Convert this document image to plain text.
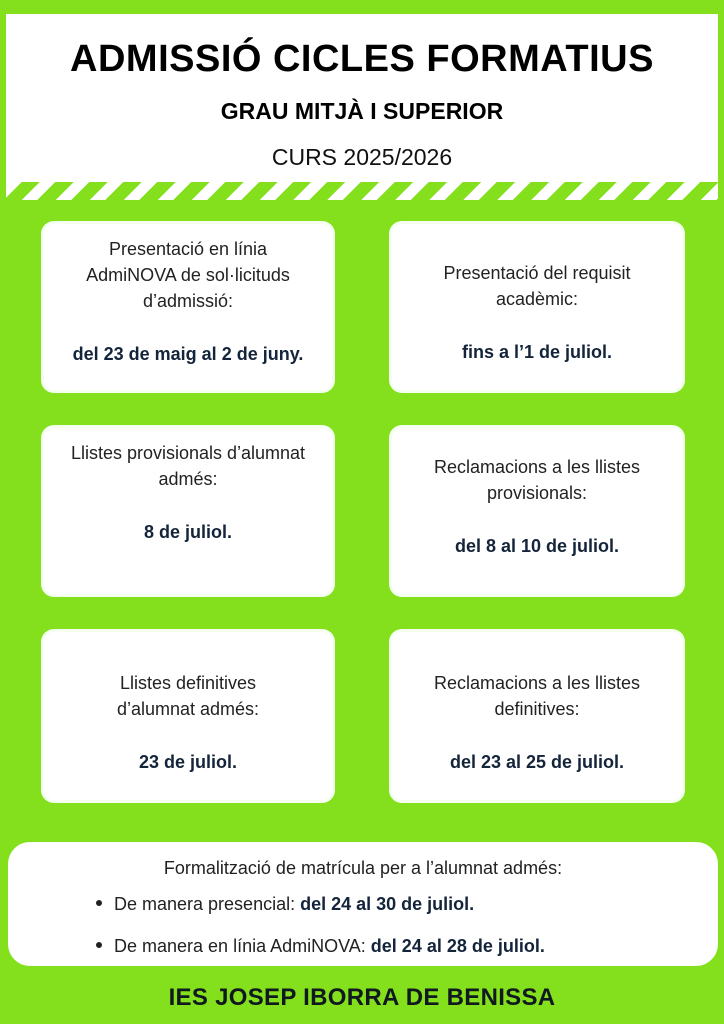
ADMISSIÓ CICLES FORMATIUS
GRAU MITJÀ I SUPERIOR
CURS 2025/2026
Presentació en línia
AdmiNOVA de sol·licituds
d’admissió:
del 23 de maig al 2 de juny.
Presentació del requisit
acadèmic:
fins a l’1 de juliol.
Llistes provisionals d’alumnat
admés:
8 de juliol.
Reclamacions a les llistes
provisionals:
del 8 al 10 de juliol.
Llistes definitives
d’alumnat admés:
23 de juliol.
Reclamacions a les llistes
definitives:
del 23 al 25 de juliol.
Formalització de matrícula per a l’alumnat admés:
De manera presencial: del 24 al 30 de juliol.
De manera en línia AdmiNOVA: del 24 al 28 de juliol.
IES JOSEP IBORRA DE BENISSA
